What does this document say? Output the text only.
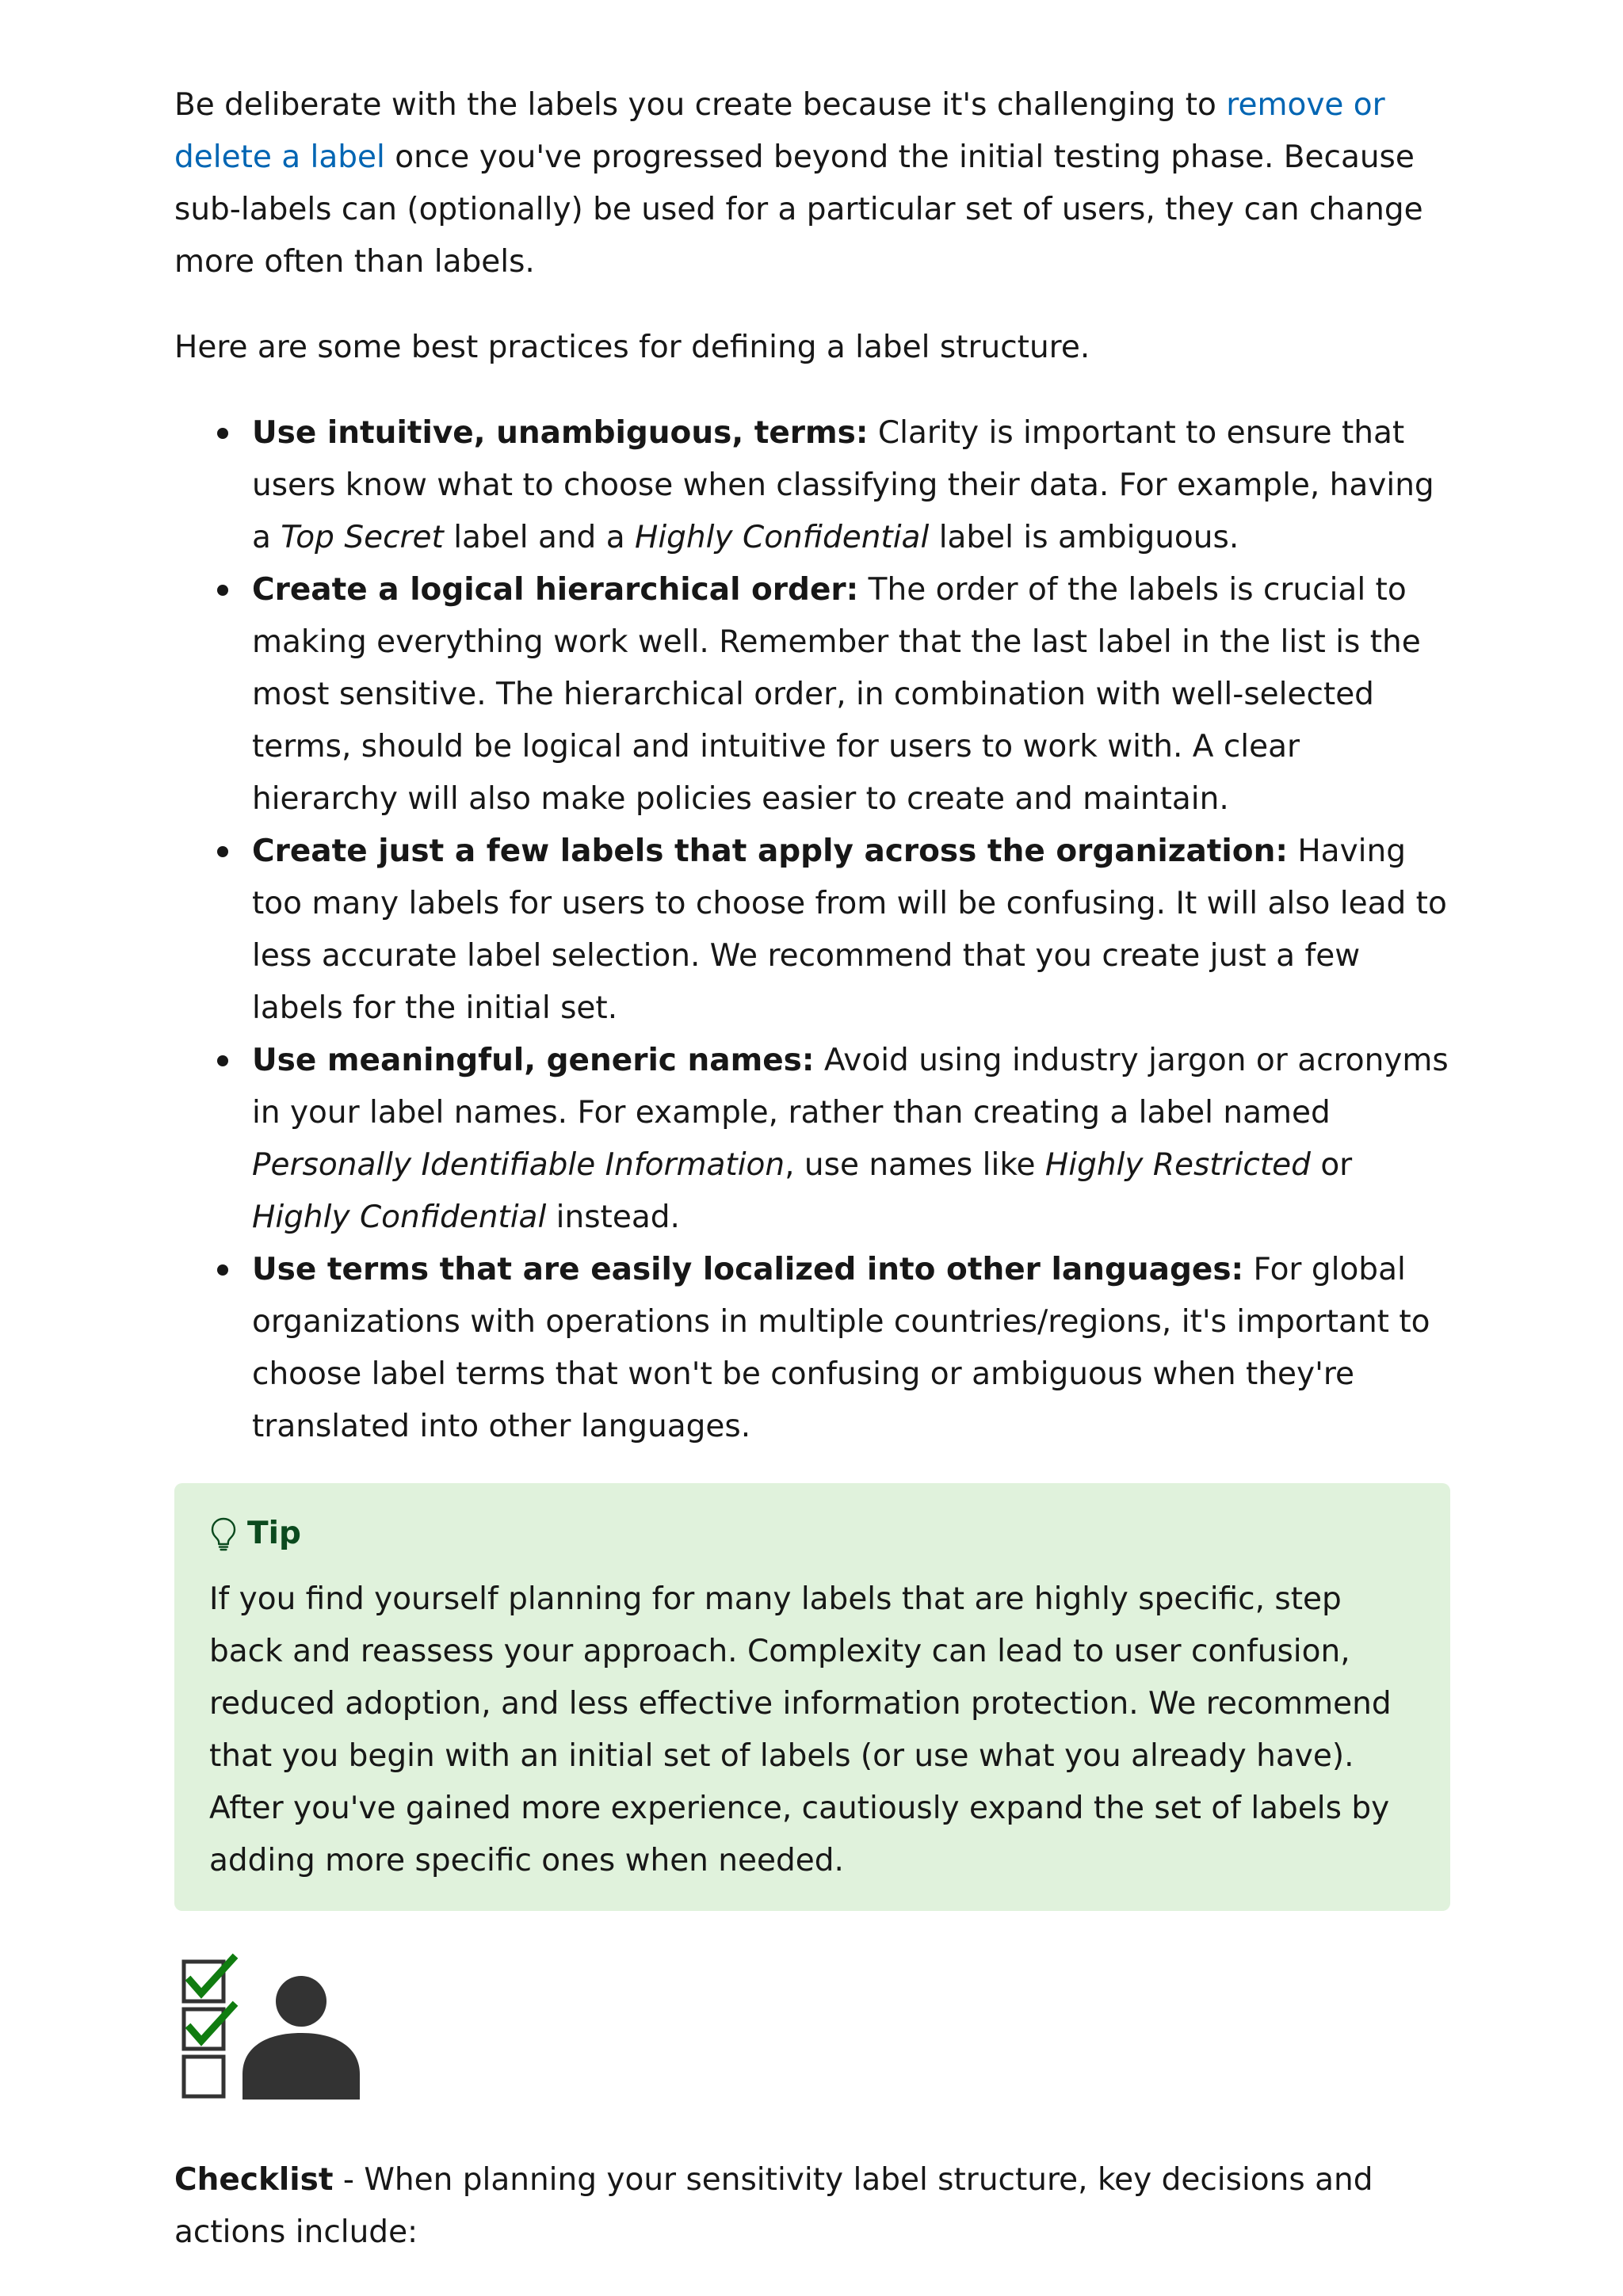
Be deliberate with the labels you create because it's challenging to remove or delete a label once you've progressed beyond the initial testing phase. Because sub-labels can (optionally) be used for a particular set of users, they can change more often than labels.

Here are some best practices for defining a label structure.

Use intuitive, unambiguous, terms: Clarity is important to ensure that users know what to choose when classifying their data. For example, having a Top Secret label and a Highly Confidential label is ambiguous.
Create a logical hierarchical order: The order of the labels is crucial to making everything work well. Remember that the last label in the list is the most sensitive. The hierarchical order, in combination with well-selected terms, should be logical and intuitive for users to work with. A clear hierarchy will also make policies easier to create and maintain.
Create just a few labels that apply across the organization: Having too many labels for users to choose from will be confusing. It will also lead to less accurate label selection. We recommend that you create just a few labels for the initial set.
Use meaningful, generic names: Avoid using industry jargon or acronyms in your label names. For example, rather than creating a label named Personally Identifiable Information, use names like Highly Restricted or Highly Confidential instead.
Use terms that are easily localized into other languages: For global organizations with operations in multiple countries/regions, it's important to choose label terms that won't be confusing or ambiguous when they're translated into other languages.
Tip

If you find yourself planning for many labels that are highly specific, step back and reassess your approach. Complexity can lead to user confusion, reduced adoption, and less effective information protection. We recommend that you begin with an initial set of labels (or use what you already have). After you've gained more experience, cautiously expand the set of labels by adding more specific ones when needed.

Checklist - When planning your sensitivity label structure, key decisions and actions include:
